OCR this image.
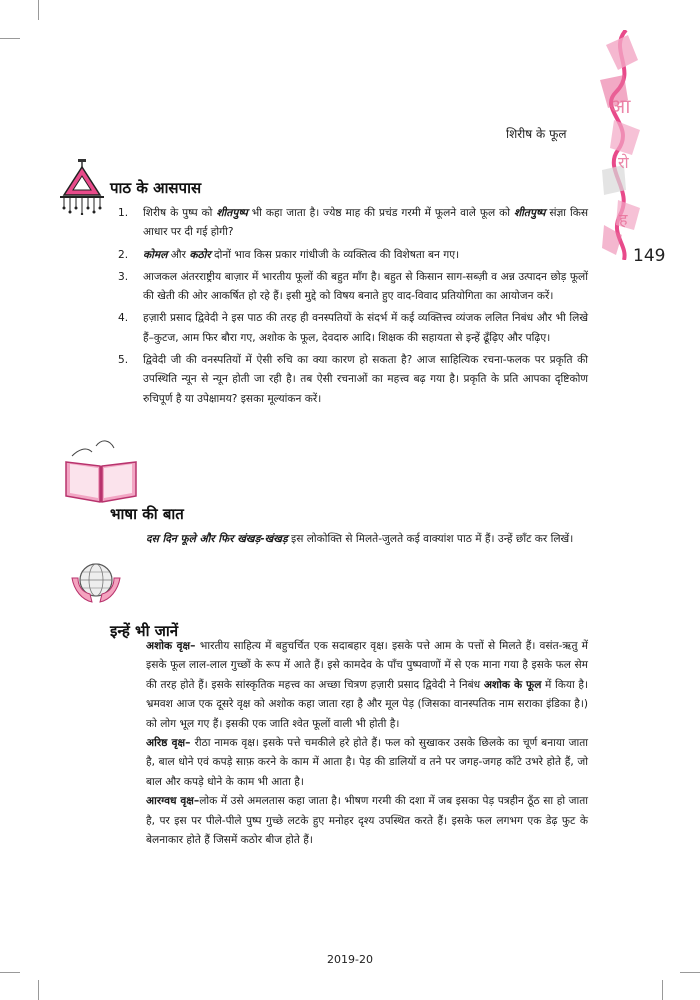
आ
रो
ह
149
शिरीष के फूल
पाठ के आसपास
1. शिरीष के पुष्प को शीतपुष्प भी कहा जाता है। ज्येष्ठ माह की प्रचंड गरमी में फूलने वाले फूल को शीतपुष्प संज्ञा किस आधार पर दी गई होगी?
2. कोमल और कठोर दोनों भाव किस प्रकार गांधीजी के व्यक्तित्व की विशेषता बन गए।
3. आजकल अंतरराष्ट्रीय बाज़ार में भारतीय फूलों की बहुत माँग है। बहुत से किसान साग-सब्ज़ी व अन्न उत्पादन छोड़ फूलों की खेती की ओर आकर्षित हो रहे हैं। इसी मुद्दे को विषय बनाते हुए वाद-विवाद प्रतियोगिता का आयोजन करें।
4. हज़ारी प्रसाद द्विवेदी ने इस पाठ की तरह ही वनस्पतियों के संदर्भ में कई व्यक्तित्त्व व्यंजक ललित निबंध और भी लिखे हैं–कुटज, आम फिर बौरा गए, अशोक के फूल, देवदारु आदि। शिक्षक की सहायता से इन्हें ढूँढ़िए और पढ़िए।
5. द्विवेदी जी की वनस्पतियों में ऐसी रुचि का क्या कारण हो सकता है? आज साहित्यिक रचना-फलक पर प्रकृति की उपस्थिति न्यून से न्यून होती जा रही है। तब ऐसी रचनाओं का महत्त्व बढ़ गया है। प्रकृति के प्रति आपका दृष्टिकोण रुचिपूर्ण है या उपेक्षामय? इसका मूल्यांकन करें।
भाषा की बात
दस दिन फूले और फिर खंखड़-खंखड़ इस लोकोक्ति से मिलते-जुलते कई वाक्यांश पाठ में हैं। उन्हें छाँट कर लिखें।
इन्हें भी जानें
अशोक वृक्ष– भारतीय साहित्य में बहुचर्चित एक सदाबहार वृक्ष। इसके पत्ते आम के पत्तों से मिलते हैं। वसंत-ऋतु में इसके फूल लाल-लाल गुच्छों के रूप में आते हैं। इसे कामदेव के पाँच पुष्पवाणों में से एक माना गया है इसके फल सेम की तरह होते हैं। इसके सांस्कृतिक महत्त्व का अच्छा चित्रण हज़ारी प्रसाद द्विवेदी ने निबंध अशोक के फूल में किया है। भ्रमवश आज एक दूसरे वृक्ष को अशोक कहा जाता रहा है और मूल पेड़ (जिसका वानस्पतिक नाम सराका इंडिका है।) को लोग भूल गए हैं। इसकी एक जाति श्वेत फूलों वाली भी होती है।
अरिष्ठ वृक्ष– रीठा नामक वृक्ष। इसके पत्ते चमकीले हरे होते हैं। फल को सुखाकर उसके छिलके का चूर्ण बनाया जाता है, बाल धोने एवं कपड़े साफ़ करने के काम में आता है। पेड़ की डालियों व तने पर जगह-जगह काँटे उभरे होते हैं, जो बाल और कपड़े धोने के काम भी आता है।
आरग्वध वृक्ष–लोक में उसे अमलतास कहा जाता है। भीषण गरमी की दशा में जब इसका पेड़ पत्रहीन ठूँठ सा हो जाता है, पर इस पर पीले-पीले पुष्प गुच्छे लटके हुए मनोहर दृश्य उपस्थित करते हैं। इसके फल लगभग एक डेढ़ फुट के बेलनाकार होते हैं जिसमें कठोर बीज होते हैं।
2019-20
